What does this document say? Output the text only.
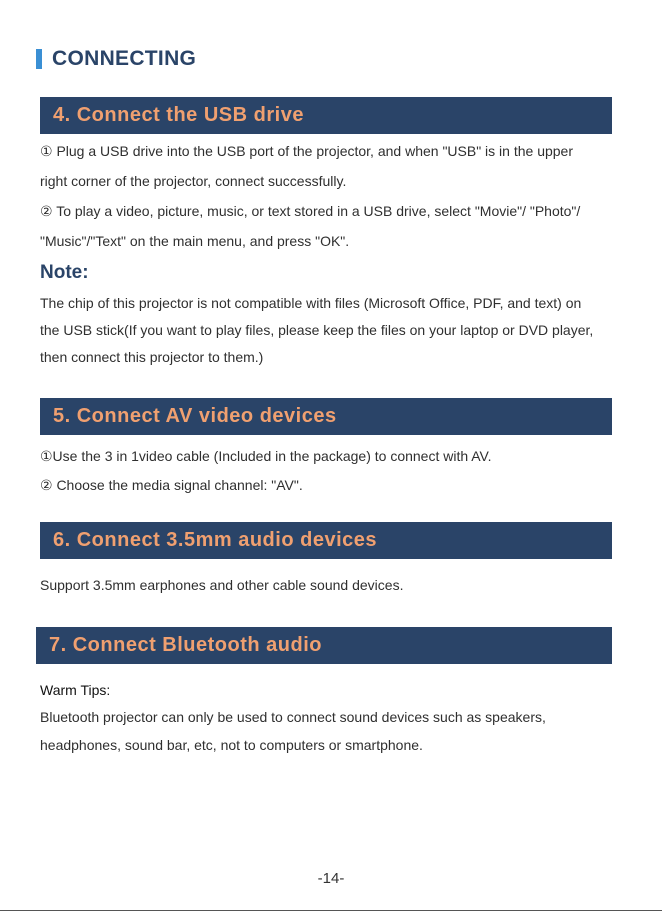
CONNECTING
4. Connect the USB drive
① Plug a USB drive into the USB port of the projector, and when "USB" is in the upper
right corner of the projector, connect successfully.
② To play a video, picture, music, or text stored in a USB drive, select "Movie"/ "Photo"/
"Music"/"Text" on the main menu, and press "OK".
Note:
The chip of this projector is not compatible with files (Microsoft Office, PDF, and text) on
the USB stick(If you want to play files, please keep the files on your laptop or DVD player,
then connect this projector to them.)
5. Connect AV video devices
①Use the 3 in 1video cable (Included in the package) to connect with AV.
② Choose the media signal channel: "AV".
6. Connect 3.5mm audio devices
Support 3.5mm earphones and other cable sound devices.
7. Connect Bluetooth audio
Warm Tips:
Bluetooth projector can only be used to connect sound devices such as speakers,
headphones, sound bar, etc, not to computers or smartphone.
-14-
